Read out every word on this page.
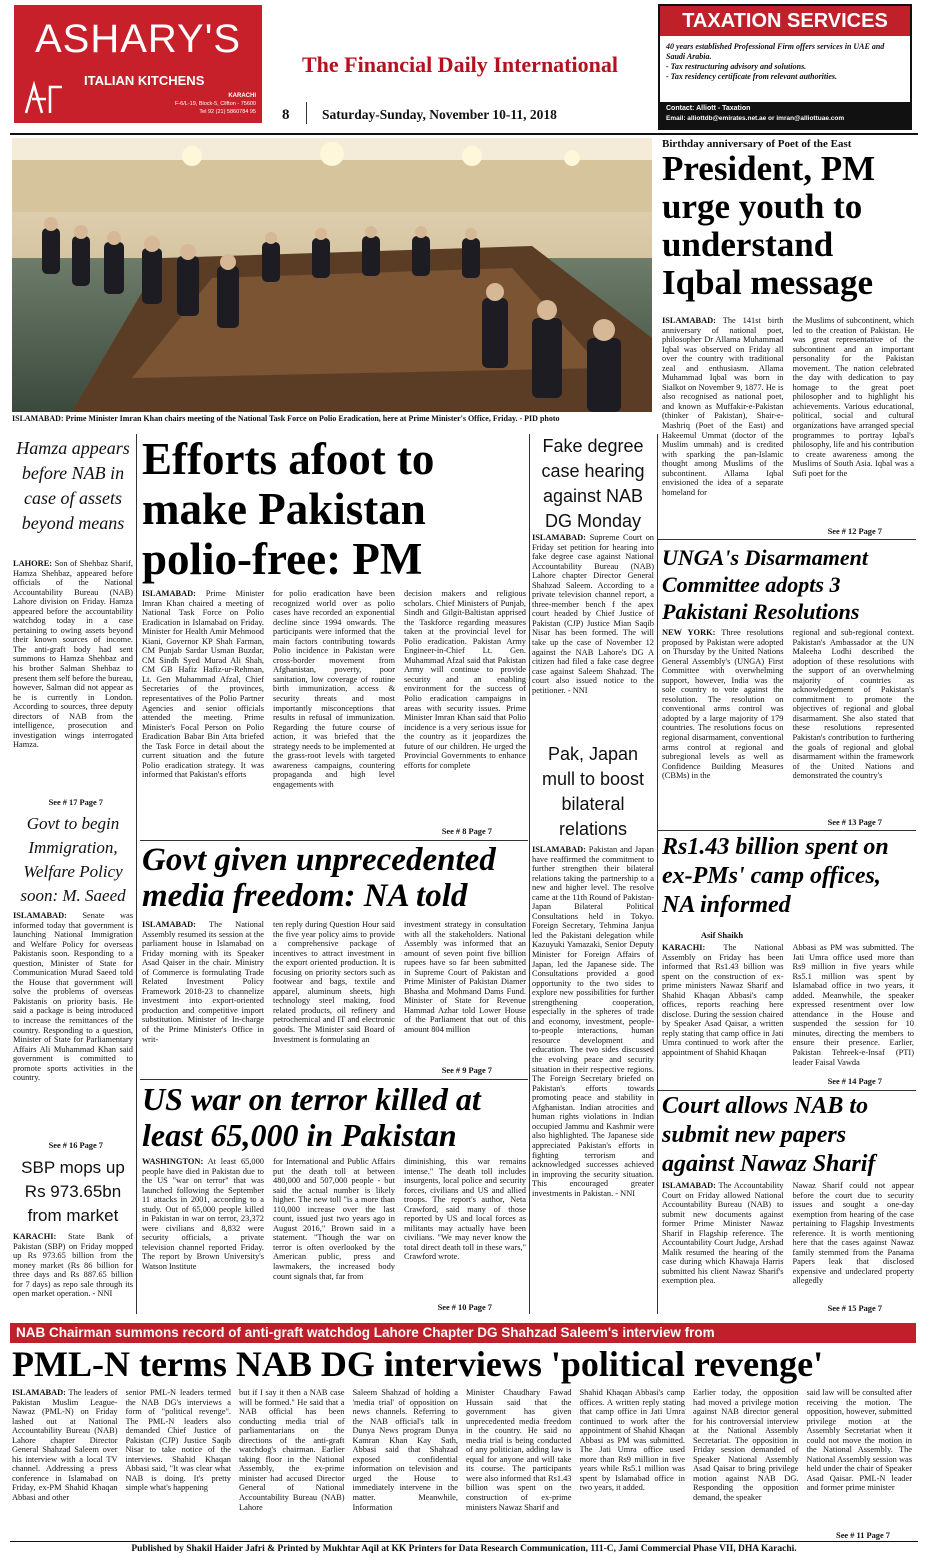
ASHARY'S
ITALIAN KITCHENS
KARACHI
F-6/L-19, Block-5, Clifton - 75600
Tel 92 (21) 5860784 95
The Financial Daily International
8 Saturday-Sunday, November 10-11, 2018
TAXATION SERVICES
40 years established Professional Firm offers services in UAE and Saudi Arabia.
- Tax restructuring advisory and solutions.
- Tax residency certificate from relevant authorities.
Contact: Alliott - Taxation
Email: alliottdb@emirates.net.ae or imran@alliottuae.com
ISLAMABAD: Prime Minister Imran Khan chairs meeting of the National Task Force on Polio Eradication, here at Prime Minister's Office, Friday. - PID photo
Birthday anniversary of Poet of the East
President, PM urge youth to understand Iqbal message
ISLAMABAD: The 141st birth anniversary of national poet, philosopher Dr Allama Muhammad Iqbal was observed on Friday all over the country with traditional zeal and enthusiasm. Allama Muhammad Iqbal was born in Sialkot on November 9, 1877. He is also recognised as national poet, and known as Muffakir-e-Pakistan (thinker of Pakistan), Shair-e-Mashriq (Poet of the East) and Hakeemul Ummat (doctor of the Muslim ummah) and is credited with sparking the pan-Islamic thought among Muslims of the subcontinent. Allama Iqbal envisioned the idea of a separate homeland for
the Muslims of subcontinent, which led to the creation of Pakistan. He was great representative of the subcontinent and an important personality for the Pakistan movement. The nation celebrated the day with dedication to pay homage to the great poet philosopher and to highlight his achievements. Various educational, political, social and cultural organizations have arranged special programmes to portray Iqbal's philosophy, life and his contribution to create awareness among the Muslims of South Asia. Iqbal was a Sufi poet for the
See # 12 Page 7
Hamza appears before NAB in case of assets beyond means
LAHORE: Son of Shehbaz Sharif, Hamza Shehbaz, appeared before officials of the National Accountability Bureau (NAB) Lahore division on Friday. Hamza appeared before the accountability watchdog today in a case pertaining to owing assets beyond their known sources of income. The anti-graft body had sent summons to Hamza Shehbaz and his brother Salman Shehbaz to present them self before the bureau, however, Salman did not appear as he is currently in London. According to sources, three deputy directors of NAB from the intelligence, prosecution and investigation wings interrogated Hamza.
See # 17 Page 7
Govt to begin Immigration, Welfare Policy soon: M. Saeed
ISLAMABAD: Senate was informed today that government is launching National Immigration and Welfare Policy for overseas Pakistanis soon. Responding to a question, Minister of State for Communication Murad Saeed told the House that government will solve the problems of overseas Pakistanis on priority basis. He said a package is being introduced to increase the remittances of the country. Responding to a question, Minister of State for Parliamentary Affairs Ali Muhammad Khan said government is committed to promote sports activities in the country.
See # 16 Page 7
SBP mops up Rs 973.65bn from market
KARACHI: State Bank of Pakistan (SBP) on Friday mopped up Rs 973.65 billion from the money market (Rs 86 billion for three days and Rs 887.65 billion for 7 days) as repo sale through its open market operation. - NNI
Efforts afoot to make Pakistan polio-free: PM
ISLAMABAD: Prime Minister Imran Khan chaired a meeting of National Task Force on Polio Eradication in Islamabad on Friday. Minister for Health Amir Mehmood Kiani, Governor KP Shah Farman, CM Punjab Sardar Usman Buzdar, CM Sindh Syed Murad Ali Shah, CM GB Hafiz Hafiz-ur-Rehman, Lt. Gen Muhammad Afzal, Chief Secretaries of the provinces, representatives of the Polio Partner Agencies and senior officials attended the meeting. Prime Minister's Focal Person on Polio Eradication Babar Bin Atta briefed the Task Force in detail about the current situation and the future Polio eradication strategy. It was informed that Pakistan's efforts
for polio eradication have been recognized world over as polio cases have recorded an exponential decline since 1994 onwards. The participants were informed that the main factors contributing towards Polio incidence in Pakistan were cross-border movement from Afghanistan, poverty, poor sanitation, low coverage of routine birth immunization, access & security threats and most importantly misconceptions that results in refusal of immunization. Regarding the future course of action, it was briefed that the strategy needs to be implemented at the grass-root levels with targeted awareness campaigns, countering propaganda and high level engagements with
decision makers and religious scholars. Chief Ministers of Punjab, Sindh and Gilgit-Baltistan apprised the Taskforce regarding measures taken at the provincial level for Polio eradication. Pakistan Army Engineer-in-Chief Lt. Gen. Muhammad Afzal said that Pakistan Army will continue to provide security and an enabling environment for the success of Polio eradication campaigns in areas with security issues. Prime Minister Imran Khan said that Polio incidence is a very serious issue for the country as it jeopardizes the future of our children. He urged the Provincial Governments to enhance efforts for complete
See # 8 Page 7
Fake degree case hearing against NAB DG Monday
ISLAMABAD: Supreme Court on Friday set petition for hearing into fake degree case against National Accountability Bureau (NAB) Lahore chapter Director General Shahzad Saleem. According to a private television channel report, a three-member bench f the apex court headed by Chief Justice of Pakistan (CJP) Justice Mian Saqib Nisar has been formed. The will take up the case of November 12 against the NAB Lahore's DG A citizen had filed a fake case degree case against Saleem Shahzad. The court also issued notice to the petitioner. - NNI
Pak, Japan mull to boost bilateral relations
ISLAMABAD: Pakistan and Japan have reaffirmed the commitment to further strengthen their bilateral relations taking the partnership to a new and higher level. The resolve came at the 11th Round of Pakistan-Japan Bilateral Political Consultations held in Tokyo. Foreign Secretary, Tehmina Janjua led the Pakistani delegation while Kazuyuki Yamazaki, Senior Deputy Minister for Foreign Affairs of Japan, led the Japanese side. The Consultations provided a good opportunity to the two sides to explore new possibilities for further strengthening cooperation, especially in the spheres of trade and economy, investment, people-to-people interactions, human resource development and education. The two sides discussed the evolving peace and security situation in their respective regions. The Foreign Secretary briefed on Pakistan's efforts towards promoting peace and stability in Afghanistan. Indian atrocities and human rights violations in Indian occupied Jammu and Kashmir were also highlighted. The Japanese side appreciated Pakistan's efforts in fighting terrorism and acknowledged successes achieved in improving the security situation. This encouraged greater investments in Pakistan. - NNI
UNGA's Disarmament Committee adopts 3 Pakistani Resolutions
NEW YORK: Three resolutions proposed by Pakistan were adopted on Thursday by the United Nations General Assembly's (UNGA) First Committee with overwhelming support, however, India was the sole country to vote against the resolution. The resolution on conventional arms control was adopted by a large majority of 179 countries. The resolutions focus on regional disarmament, conventional arms control at regional and subregional levels as well as Confidence Building Measures (CBMs) in the
regional and sub-regional context. Pakistan's Ambassador at the UN Maleeha Lodhi described the adoption of these resolutions with the support of an overwhelming majority of countries as acknowledgement of Pakistan's commitment to promote the objectives of regional and global disarmament. She also stated that these resolutions represented Pakistan's contribution to furthering the goals of regional and global disarmament within the framework of the United Nations and demonstrated the country's
See # 13 Page 7
Govt given unprecedented media freedom: NA told
ISLAMABAD: The National Assembly resumed its session at the parliament house in Islamabad on Friday morning with its Speaker Asad Qaiser in the chair. Ministry of Commerce is formulating Trade Related Investment Policy Framework 2018-23 to channelize investment into export-oriented production and competitive import substitution. Minister of In-charge of the Prime Minister's Office in writ-
ten reply during Question Hour said the five year policy aims to provide a comprehensive package of incentives to attract investment in the export oriented production. It is focusing on priority sectors such as footwear and bags, textile and apparel, aluminum sheets, high technology steel making, food related products, oil refinery and petrochemical and IT and electronic goods. The Minister said Board of Investment is formulating an
investment strategy in consultation with all the stakeholders. National Assembly was informed that an amount of seven point five billion rupees have so far been submitted in Supreme Court of Pakistan and Prime Minister of Pakistan Diamer Bhasha and Mohmand Dams Fund. Minister of State for Revenue Hammad Azhar told Lower House of the Parliament that out of this amount 804 million
See # 9 Page 7
US war on terror killed at least 65,000 in Pakistan
WASHINGTON: At least 65,000 people have died in Pakistan due to the US "war on terror" that was launched following the September 11 attacks in 2001, according to a study. Out of 65,000 people killed in Pakistan in war on terror, 23,372 were civilians and 8,832 were security officials, a private television channel reported Friday. The report by Brown University's Watson Institute
for International and Public Affairs put the death toll at between 480,000 and 507,000 people - but said the actual number is likely higher. The new toll "is a more than 110,000 increase over the last count, issued just two years ago in August 2016," Brown said in a statement. "Though the war on terror is often overlooked by the American public, press and lawmakers, the increased body count signals that, far from
diminishing, this war remains intense." The death toll includes insurgents, local police and security forces, civilians and US and allied troops. The report's author, Neta Crawford, said many of those reported by US and local forces as militants may actually have been civilians. "We may never know the total direct death toll in these wars," Crawford wrote.
See # 10 Page 7
Rs1.43 billion spent on ex-PMs' camp offices, NA informed
Asif Shaikh
KARACHI: The National Assembly on Friday has been informed that Rs1.43 billion was spent on the construction of ex-prime ministers Nawaz Sharif and Shahid Khaqan Abbasi's camp offices, reports reaching here disclose. During the session chaired by Speaker Asad Qaisar, a written reply stating that camp office in Jati Umra continued to work after the appointment of Shahid Khaqan
Abbasi as PM was submitted. The Jati Umra office used more than Rs9 million in five years while Rs5.1 million was spent by Islamabad office in two years, it added. Meanwhile, the speaker expressed resentment over low attendance in the House and suspended the session for 10 minutes, directing the members to ensure their presence. Earlier, Pakistan Tehreek-e-Insaf (PTI) leader Faisal Vawda
See # 14 Page 7
Court allows NAB to submit new papers against Nawaz Sharif
ISLAMABAD: The Accountability Court on Friday allowed National Accountability Bureau (NAB) to submit new documents against former Prime Minister Nawaz Sharif in Flagship reference. The Accountability Court Judge, Arshad Malik resumed the hearing of the case during which Khawaja Harris submitted his client Nawaz Sharif's exemption plea.
Nawaz Sharif could not appear before the court due to security issues and sought a one-day exemption from hearing of the case pertaining to Flagship Investments reference. It is worth mentioning here that the cases against Nawaz family stemmed from the Panama Papers leak that disclosed expensive and undeclared property allegedly
See # 15 Page 7
NAB Chairman summons record of anti-graft watchdog Lahore Chapter DG Shahzad Saleem's interview from
PML-N terms NAB DG interviews 'political revenge'
ISLAMABAD: The leaders of Pakistan Muslim League-Nawaz (PML-N) on Friday lashed out at National Accountability Bureau (NAB) Lahore chapter Director General Shahzad Saleem over his interview with a local TV channel. Addressing a press conference in Islamabad on Friday, ex-PM Shahid Khaqan Abbasi and other
senior PML-N leaders termed the NAB DG's interviews a form of "political revenge". The PML-N leaders also demanded Chief Justice of Pakistan (CJP) Justice Saqib Nisar to take notice of the interviews. Shahid Khaqan Abbasi said, "It was clear what NAB is doing. It's pretty simple what's happening
but if I say it then a NAB case will be formed." He said that a NAB official has been conducting media trial of parliamentarians on the directions of the anti-graft watchdog's chairman. Earlier taking floor in the National Assembly, the ex-prime minister had accused Director General of National Accountability Bureau (NAB) Lahore
Saleem Shahzad of holding a 'media trial' of opposition on news channels. Referring to the NAB official's talk in Dunya News program Dunya Kamran Khan Kay Sath, Abbasi said that Shahzad exposed confidential information on television and urged the House to immediately intervene in the matter. Meanwhile, Information
Minister Chaudhary Fawad Hussain said that the government has given unprecedented media freedom in the country. He said no media trial is being conducted of any politician, adding law is equal for anyone and will take its course. The participants were also informed that Rs1.43 billion was spent on the construction of ex-prime ministers Nawaz Sharif and
Shahid Khaqan Abbasi's camp offices. A written reply stating that camp office in Jati Umra continued to work after the appointment of Shahid Khaqan Abbasi as PM was submitted. The Jati Umra office used more than Rs9 million in five years while Rs5.1 million was spent by Islamabad office in two years, it added.
Earlier today, the opposition had moved a privilege motion against NAB director general for his controversial interview at the National Assembly Secretariat. The opposition in Friday session demanded of Speaker National Assembly Asad Qaisar to bring privilege motion against NAB DG. Responding the opposition demand, the speaker
said law will be consulted after receiving the motion. The opposition, however, submitted privilege motion at the Assembly Secretariat when it could not move the motion in the National Assembly. The National Assembly session was held under the chair of Speaker Asad Qaisar. PML-N leader and former prime minister
See # 11 Page 7
Published by Shakil Haider Jafri & Printed by Mukhtar Aqil at KK Printers for Data Research Communication, 111-C, Jami Commercial Phase VII, DHA Karachi.
